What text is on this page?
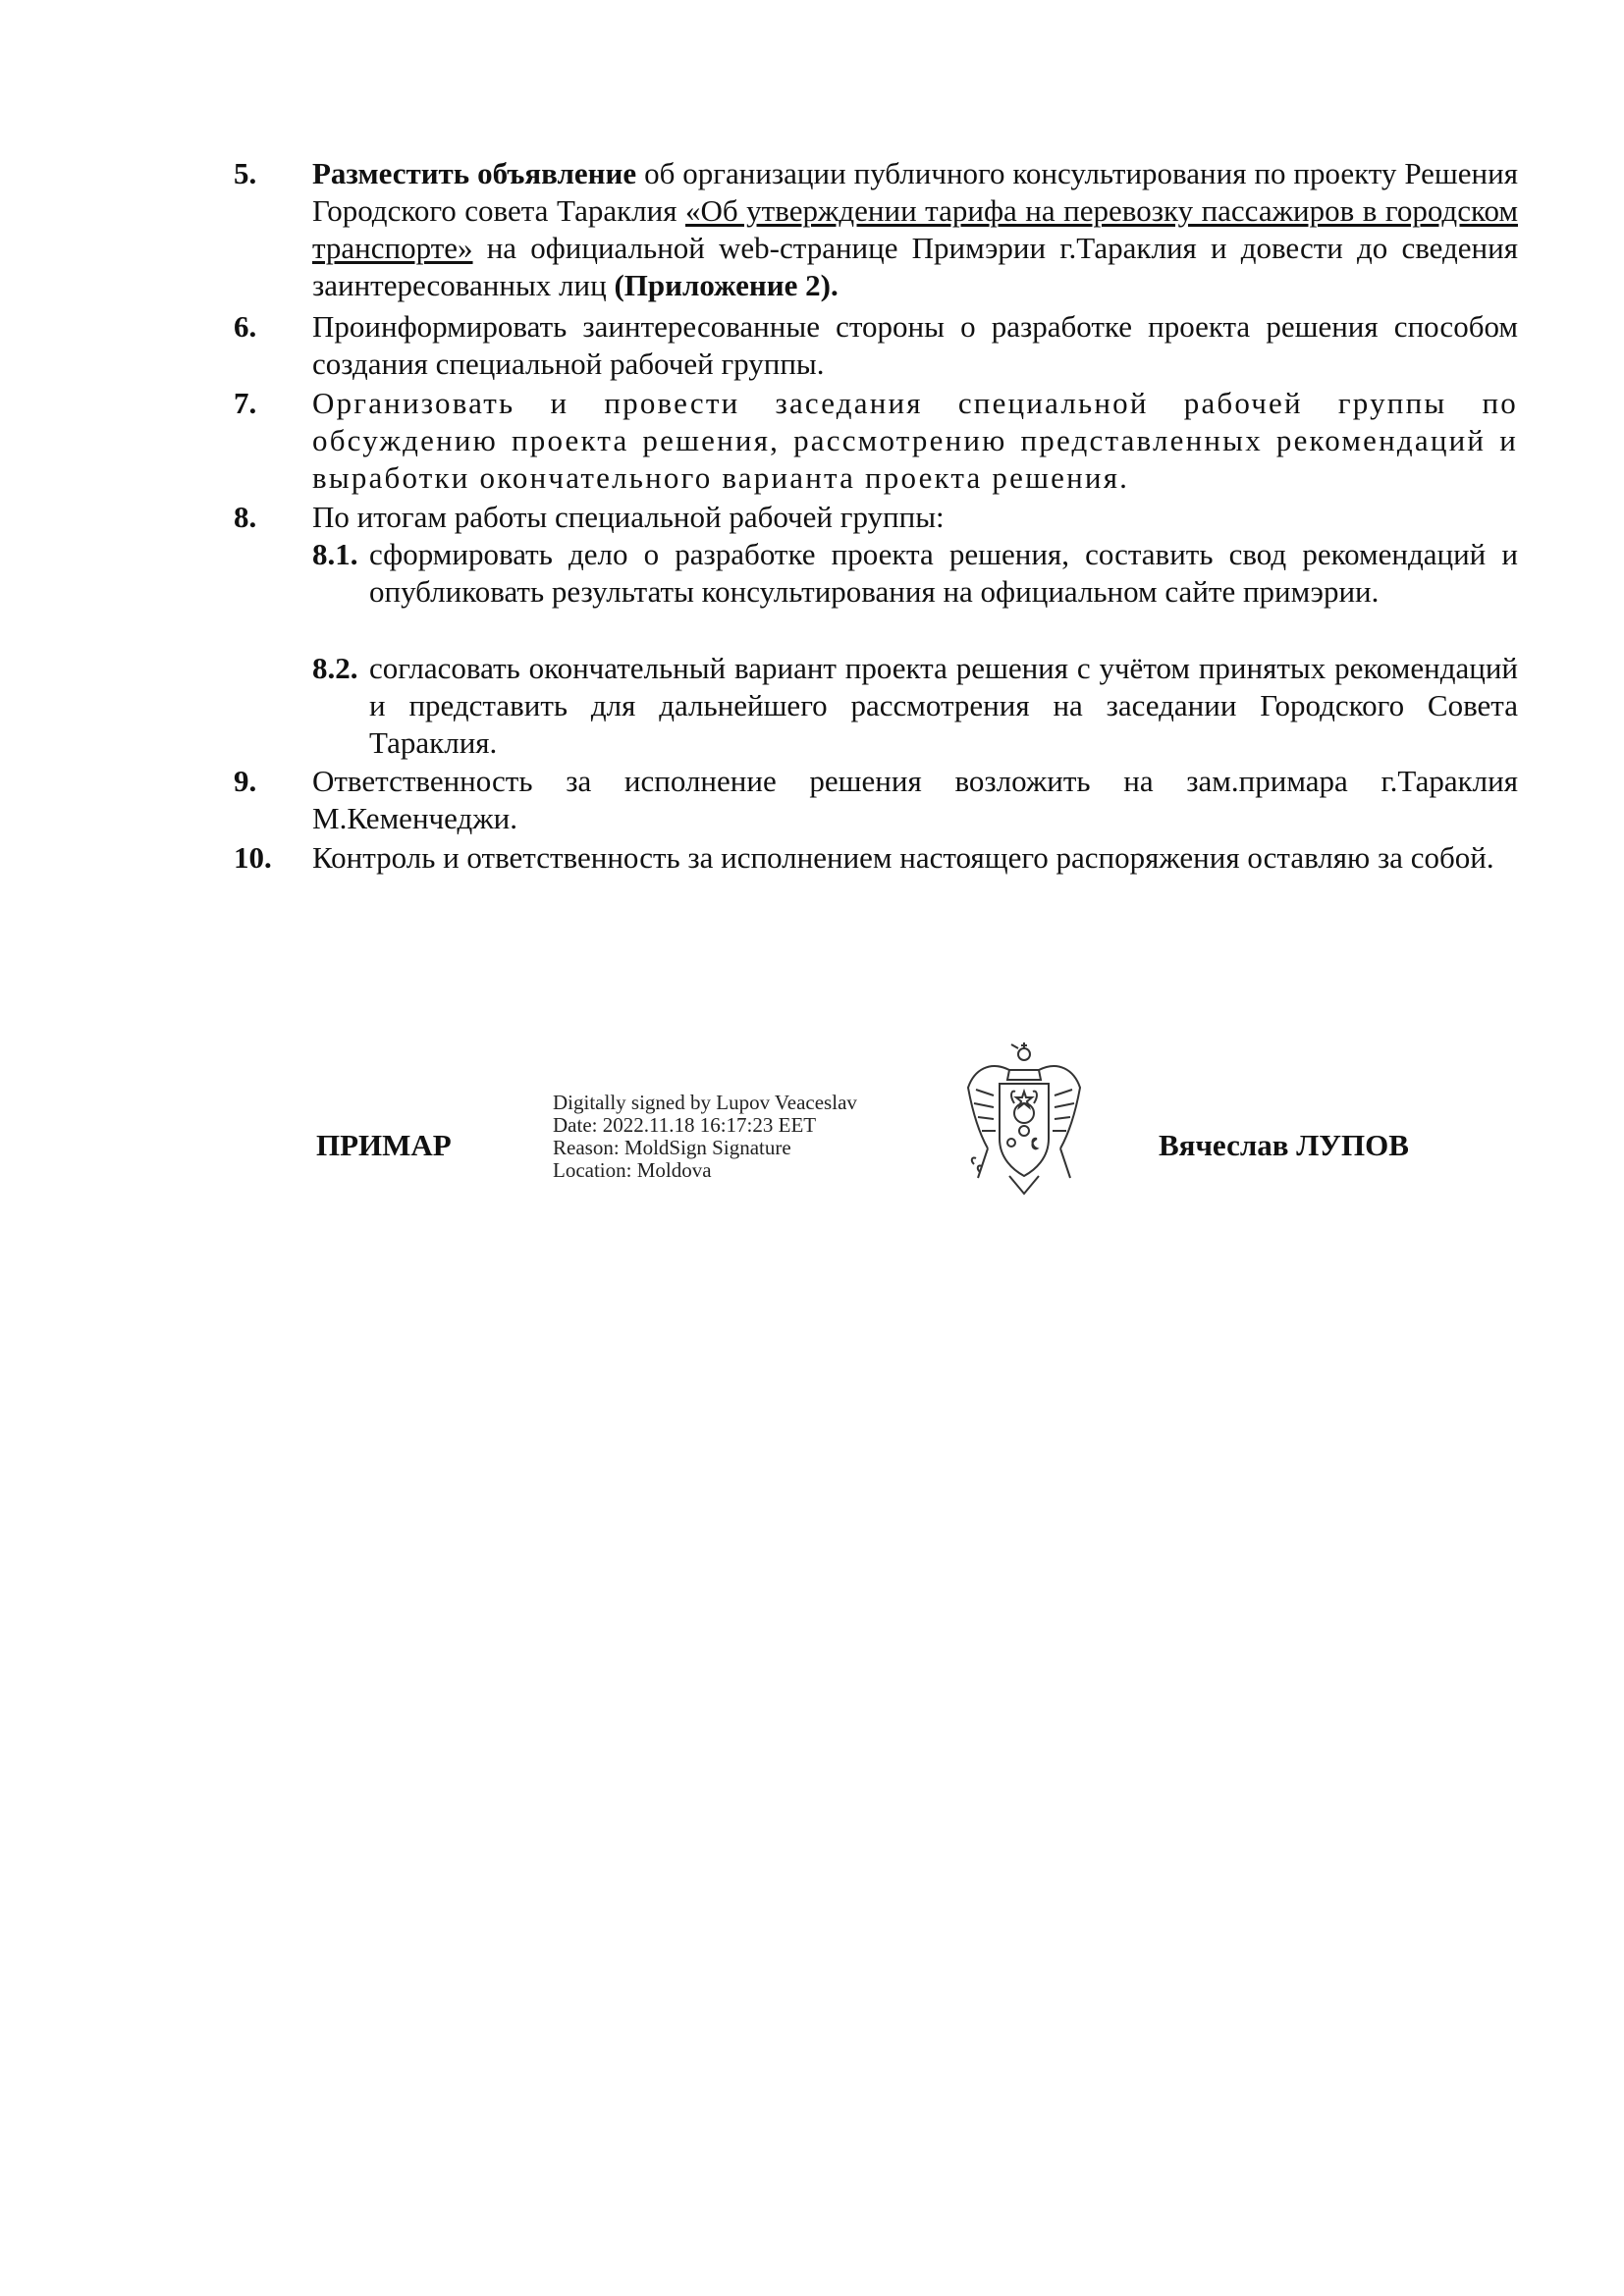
5. Разместить объявление об организации публичного консультирования по проекту Решения Городского совета Тараклия «Об утверждении тарифа на перевозку пассажиров в городском транспорте» на официальной web-странице Примэрии г.Тараклия и довести до сведения заинтересованных лиц (Приложение 2).
6. Проинформировать заинтересованные стороны о разработке проекта решения способом создания специальной рабочей группы.
7. Организовать и провести заседания специальной рабочей группы по обсуждению проекта решения, рассмотрению представленных рекомендаций и выработки окончательного варианта проекта решения.
8. По итогам работы специальной рабочей группы:
8.1. сформировать дело о разработке проекта решения, составить свод рекомендаций и опубликовать результаты консультирования на официальном сайте примэрии.
8.2. согласовать окончательный вариант проекта решения с учётом принятых рекомендаций и представить для дальнейшего рассмотрения на заседании Городского Совета Тараклия.
9. Ответственность за исполнение решения возложить на зам.примара г.Тараклия М.Кеменчеджи.
10. Контроль и ответственность за исполнением настоящего распоряжения оставляю за собой.
ПРИМАР
Digitally signed by Lupov Veaceslav
Date: 2022.11.18 16:17:23 EET
Reason: MoldSign Signature
Location: Moldova
Вячеслав ЛУПОВ
